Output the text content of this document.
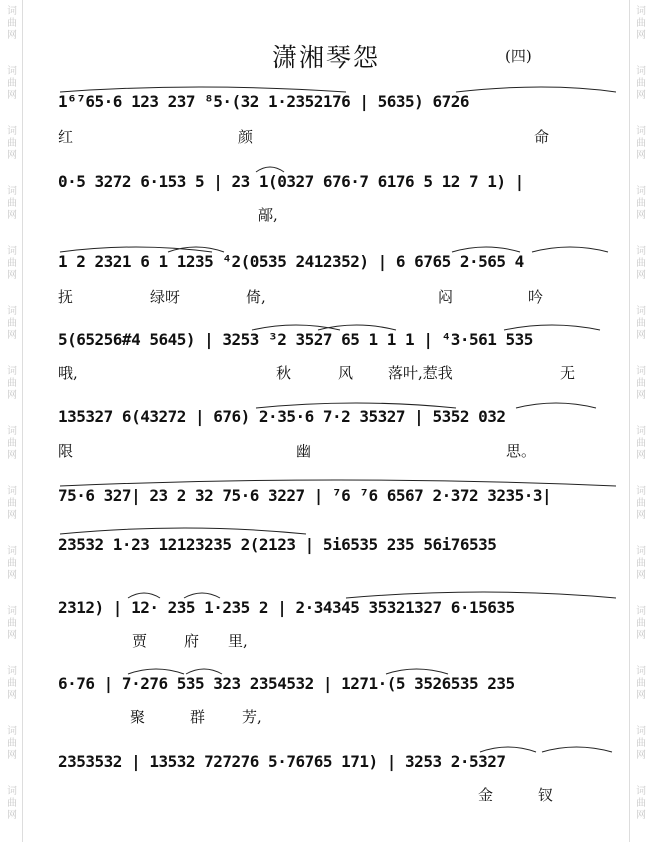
词
曲
网
词
曲
网
词
曲
网
词
曲
网
词
曲
网
词
曲
网
词
曲
网
词
曲
网
词
曲
网
词
曲
网
词
曲
网
词
曲
网
词
曲
网
词
曲
网
词
曲
网
词
曲
网
词
曲
网
词
曲
网
词
曲
网
词
曲
网
词
曲
网
词
曲
网
词
曲
网
词
曲
网
词
曲
网
词
曲
网
词
曲
网
词
曲
网
潇湘琴怨	(四)
1⁶⁷65·6 123 237 ⁸5·(32 1·2352176 | 5635) 6726
红	颜	命
0·5 3272 6·153 5 | 23 1(0327 676·7 6176 5 12 7 1) |
鄗,
1 2 2321 6 1 1235 ⁴2(0535 2412352) | 6 6765 2·565 4
抚	绿呀	倚,	闷	吟
5(65256#4 5645) | 3253 ³2 3527 65 1 1 1 | ⁴3·561 535
哦,	秋	风 落叶,惹我	无
135327 6(43272 | 676) 2·35·6 7·2 35327 | 5352 032
限	幽	思。
75·6 327| 23 2 32 75·6 3227 | ⁷6 ⁷6 6567 2·372 3235·3|
23532 1·23 12123235 2(2123 | 5i6535 235 56i76535
2312) | 12· 235 1·235 2 | 2·34345 35321327 6·15635
贾 府 里,
6·76 | 7·276 535 323 2354532 | 1271·(5 3526535 235
聚	群 芳,
2353532 | 13532 727276 5·76765 171) | 3253 2·5327
金	钗
